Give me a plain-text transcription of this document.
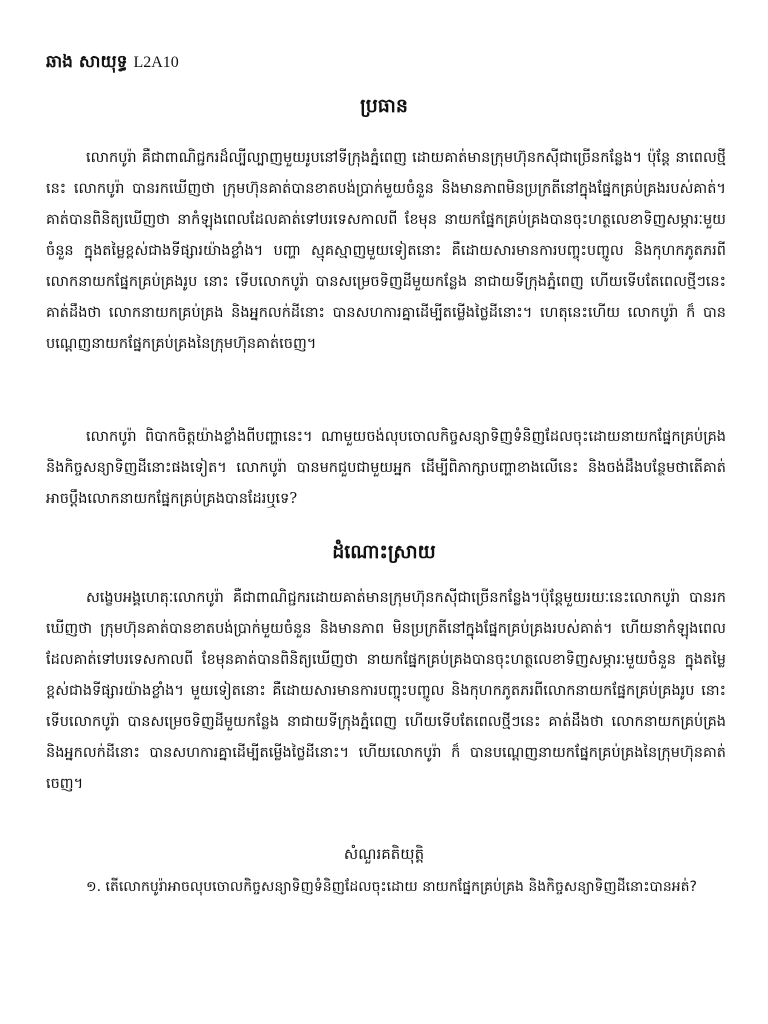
ឆាង សាយុទ្ធ L2A10
ប្រធាន
លោកបូរ៉ា គឺជាពាណិជ្ជករដ៏ល្បីល្បាញមួយរូបនៅទីក្រុងភ្នំពេញ ដោយគាត់មានក្រុមហ៊ុនកស៊ីជាច្រើនកន្លែង។ ប៉ុន្តែ នាពេលថ្មីនេះ លោកបូរ៉ា បានរកឃើញថា ក្រុមហ៊ុនគាត់បានខាតបង់ប្រាក់មួយចំនួន និងមានភាពមិនប្រក្រតីនៅក្នុងផ្នែកគ្រប់គ្រងរបស់គាត់។ គាត់បានពិនិត្យឃើញថា នាកំឡុងពេលដែលគាត់ទៅបរទេសកាលពី ខែមុន នាយកផ្នែកគ្រប់គ្រងបានចុះហត្ថលេខាទិញសម្ភារៈមួយចំនួន ក្នុងតម្លៃខ្ពស់ជាងទីផ្សារយ៉ាងខ្លាំង។ បញ្ហា ស្មុគស្មាញមួយទៀតនោះ គឺដោយសារមានការបញ្ចុះបញ្ចូល និងកុហកភូតភរពីលោកនាយកផ្នែកគ្រប់គ្រងរូប នោះ ទើបលោកបូរ៉ា បានសម្រេចទិញដីមួយកន្លែង នាជាយទីក្រុងភ្នំពេញ ហើយទើបតែពេលថ្មីៗនេះ គាត់ដឹងថា លោកនាយកគ្រប់គ្រង និងអ្នកលក់ដីនោះ បានសហការគ្នាដើម្បីតម្លើងថ្លៃដីនោះ។ ហេតុនេះហើយ លោកបូរ៉ា ក៏ បានបណ្តេញនាយកផ្នែកគ្រប់គ្រងនៃក្រុមហ៊ុនគាត់ចេញ។
លោកបូរ៉ា ពិបាកចិត្តយ៉ាងខ្លាំងពីបញ្ហានេះ។ ណាមួយចង់លុបចោលកិច្ចសន្យាទិញទំនិញដែលចុះដោយនាយកផ្នែកគ្រប់គ្រង និងកិច្ចសន្យាទិញដីនោះផងទៀត។ លោកបូរ៉ា បានមកជួបជាមួយអ្នក ដើម្បីពិភាក្សាបញ្ហាខាងលើនេះ និងចង់ដឹងបន្ថែមថាតើគាត់អាចប្តឹងលោកនាយកផ្នែកគ្រប់គ្រងបានដែរឬទេ?
ដំណោះស្រាយ
សង្ខេបអង្គហេតុៈលោកបូរ៉ា គឺជាពាណិជ្ជករដោយគាត់មានក្រុមហ៊ុនកស៊ីជាច្រើនកន្លែង។ប៉ុន្តែមួយរយៈនេះលោកបូរ៉ា បានរកឃើញថា ក្រុមហ៊ុនគាត់បានខាតបង់ប្រាក់មួយចំនួន និងមានភាព មិនប្រក្រតីនៅក្នុងផ្នែកគ្រប់គ្រងរបស់គាត់។ ហើយនាកំឡុងពេលដែលគាត់ទៅបរទេសកាលពី ខែមុនគាត់បានពិនិត្យឃើញថា នាយកផ្នែកគ្រប់គ្រងបានចុះហត្ថលេខាទិញសម្ភារៈមួយចំនួន ក្នុងតម្លៃខ្ពស់ជាងទីផ្សារយ៉ាងខ្លាំង។ មួយទៀតនោះ គឺដោយសារមានការបញ្ចុះបញ្ចូល និងកុហកភូតភរពីលោកនាយកផ្នែកគ្រប់គ្រងរូប នោះ ទើបលោកបូរ៉ា បានសម្រេចទិញដីមួយកន្លែង នាជាយទីក្រុងភ្នំពេញ ហើយទើបតែពេលថ្មីៗនេះ គាត់ដឹងថា លោកនាយកគ្រប់គ្រង និងអ្នកលក់ដីនោះ បានសហការគ្នាដើម្បីតម្លើងថ្លៃដីនោះ។ ហើយលោកបូរ៉ា ក៏ បានបណ្តេញនាយកផ្នែកគ្រប់គ្រងនៃក្រុមហ៊ុនគាត់ចេញ។
សំណួរគតិយុត្តិ
១. តើលោកបូរ៉ាអាចលុបចោលកិច្ចសន្យាទិញទំនិញដែលចុះដោយ នាយកផ្នែកគ្រប់គ្រង និងកិច្ចសន្យាទិញដីនោះបានអត់?
